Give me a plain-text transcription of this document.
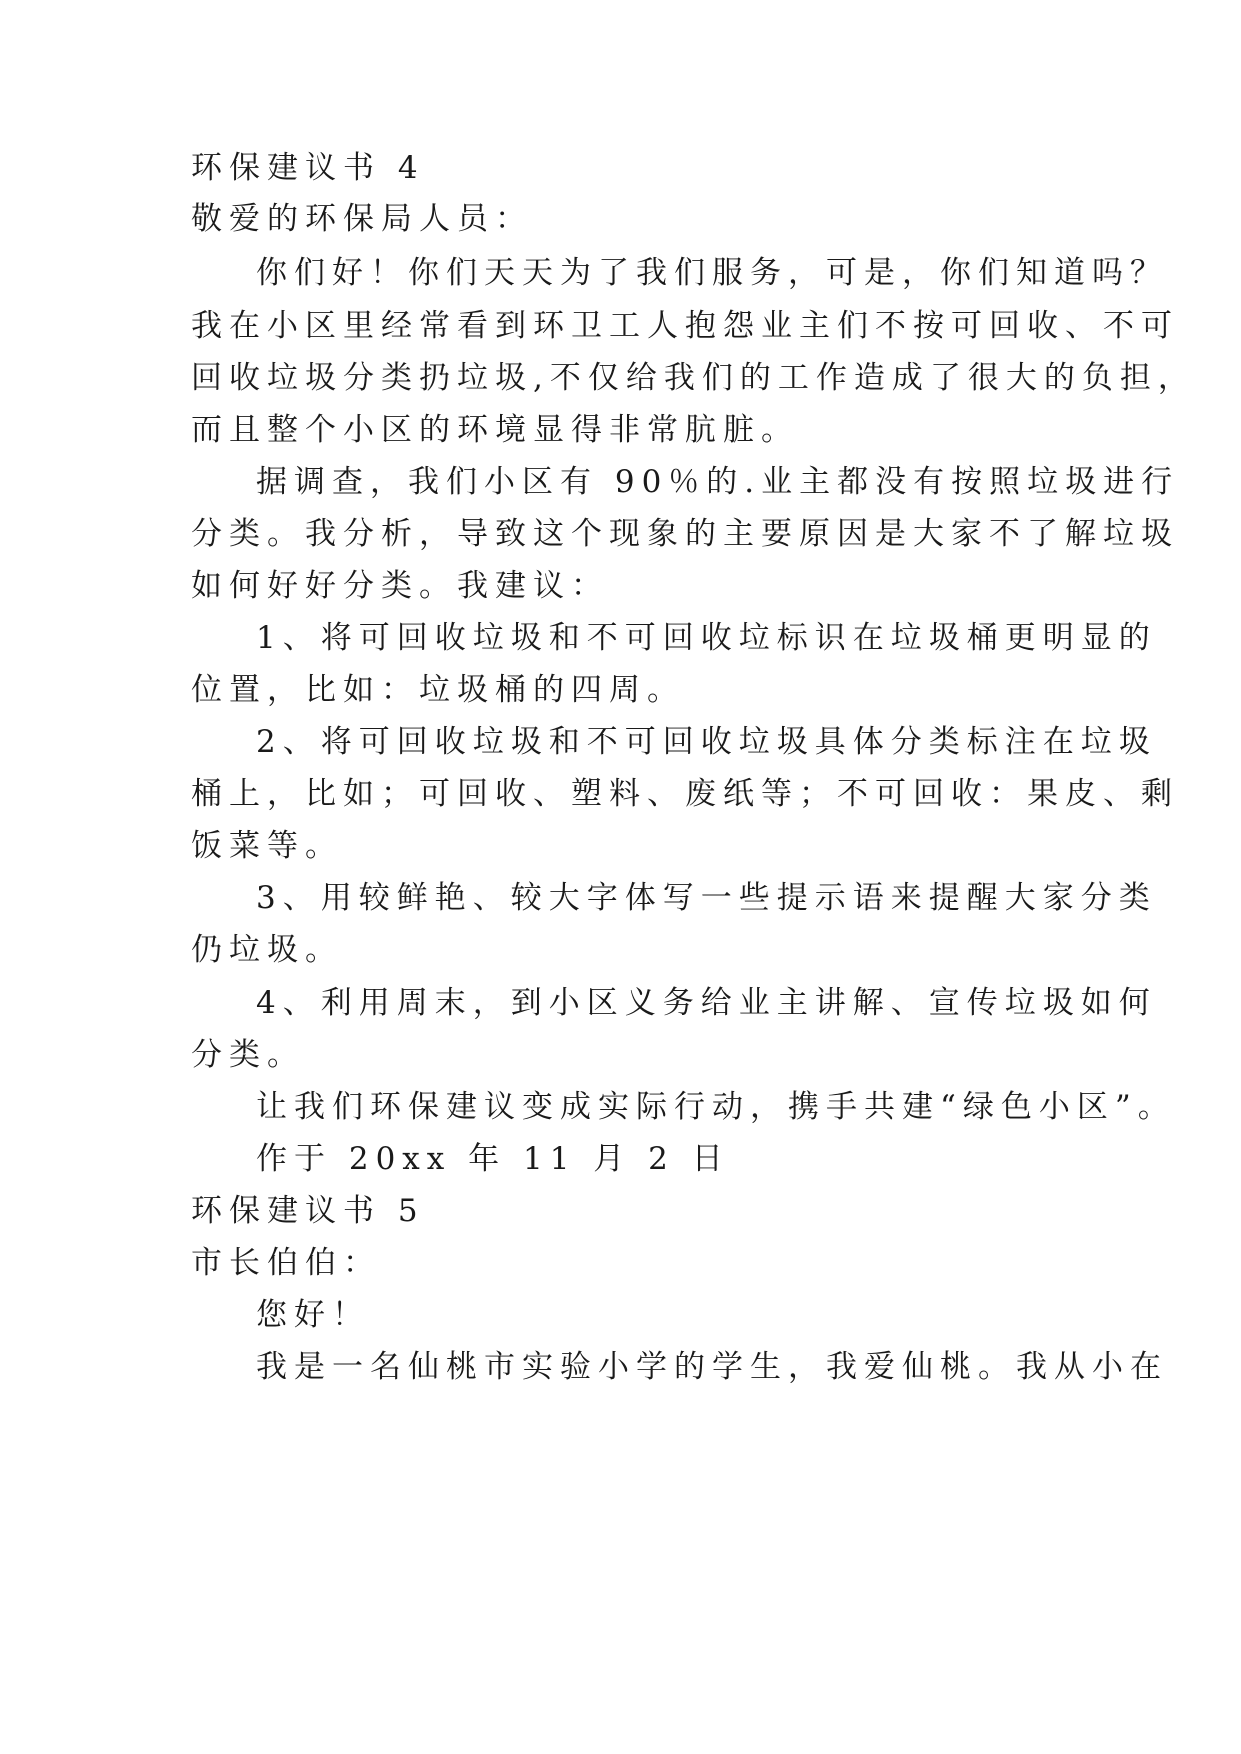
环保建议书 4
敬爱的环保局人员：
你们好！你们天天为了我们服务，可是，你们知道吗？
我在小区里经常看到环卫工人抱怨业主们不按可回收、不可
回收垃圾分类扔垃圾,不仅给我们的工作造成了很大的负担，
而且整个小区的环境显得非常肮脏。
据调查，我们小区有 90％的.业主都没有按照垃圾进行
分类。我分析，导致这个现象的主要原因是大家不了解垃圾
如何好好分类。我建议：
1、将可回收垃圾和不可回收垃标识在垃圾桶更明显的
位置，比如：垃圾桶的四周。
2、将可回收垃圾和不可回收垃圾具体分类标注在垃圾
桶上，比如；可回收、塑料、废纸等；不可回收：果皮、剩
饭菜等。
3、用较鲜艳、较大字体写一些提示语来提醒大家分类
仍垃圾。
4、利用周末，到小区义务给业主讲解、宣传垃圾如何
分类。
让我们环保建议变成实际行动，携手共建“绿色小区”。
作于 20xx 年 11 月 2 日
环保建议书 5
市长伯伯：
您好！
我是一名仙桃市实验小学的学生，我爱仙桃。我从小在
